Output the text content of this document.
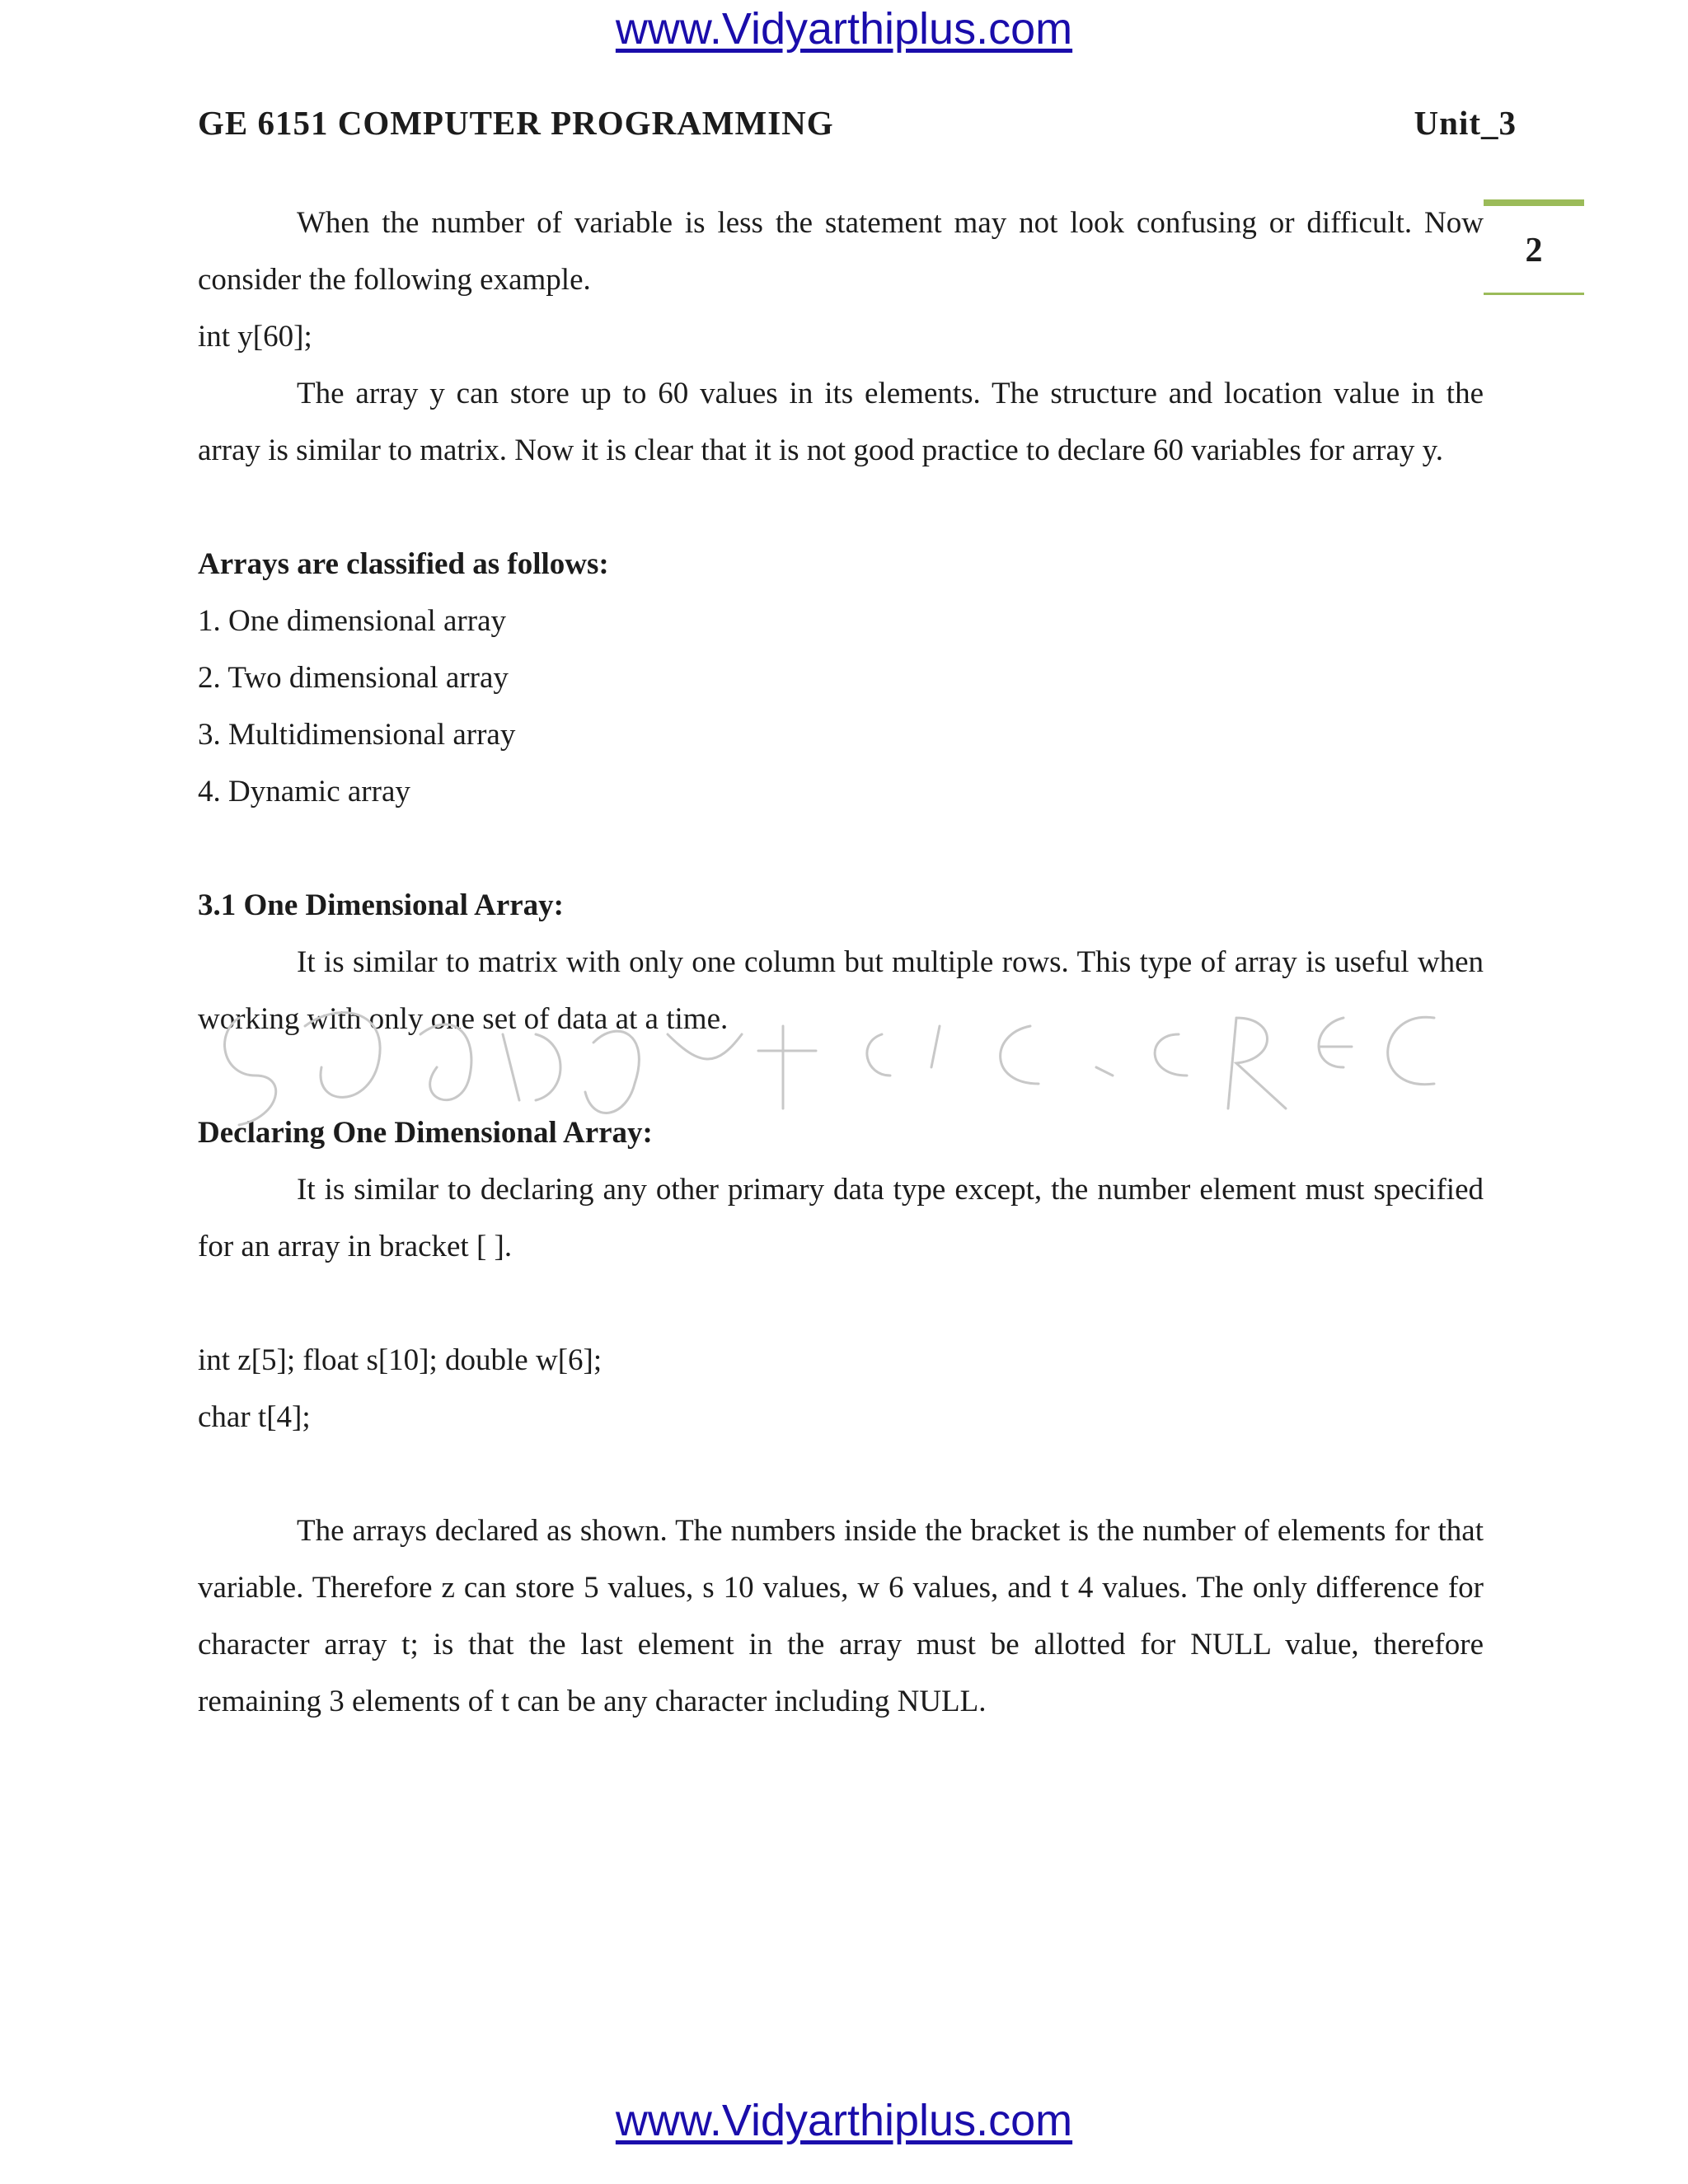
www.Vidyarthiplus.com
GE 6151 COMPUTER PROGRAMMING	Unit_3
2

When the number of variable is less the statement may not look confusing or difficult. Now consider the following example.

int y[60];

The array y can store up to 60 values in its elements. The structure and location value in the array is similar to matrix. Now it is clear that it is not good practice to declare 60 variables for array y.

Arrays are classified as follows:
1. One dimensional array
2. Two dimensional array
3. Multidimensional array
4. Dynamic array
3.1 One Dimensional Array:

It is similar to matrix with only one column but multiple rows. This type of array is useful when working with only one set of data at a time.

Declaring One Dimensional Array:

It is similar to declaring any other primary data type except, the number element must specified for an array in bracket [ ].

int z[5]; float s[10]; double w[6];
char t[4];

The arrays declared as shown. The numbers inside the bracket is the number of elements for that variable. Therefore z can store 5 values, s 10 values, w 6 values, and t 4 values. The only difference for character array t; is that the last element in the array must be allotted for NULL value, therefore remaining 3 elements of t can be any character including NULL.

www.Vidyarthiplus.com
